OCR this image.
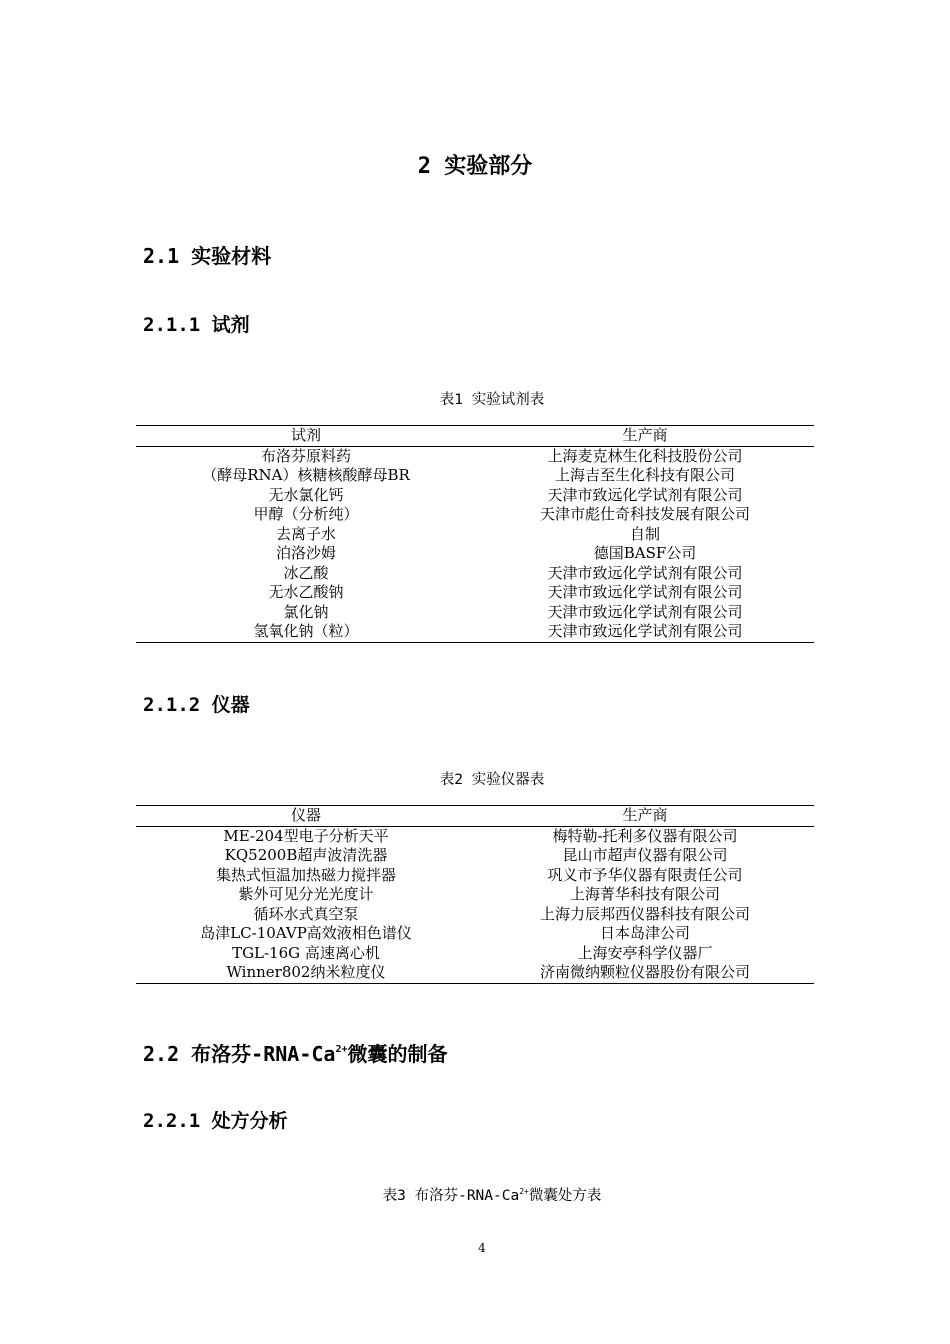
2 实验部分
2.1 实验材料
2.1.1 试剂
表1 实验试剂表
试剂	生产商
布洛芬原料药	上海麦克林生化科技股份公司
（酵母RNA）核糖核酸酵母BR	上海吉至生化科技有限公司
无水氯化钙	天津市致远化学试剂有限公司
甲醇（分析纯）	天津市彪仕奇科技发展有限公司
去离子水	自制
泊洛沙姆	德国BASF公司
冰乙酸	天津市致远化学试剂有限公司
无水乙酸钠	天津市致远化学试剂有限公司
氯化钠	天津市致远化学试剂有限公司
氢氧化钠（粒）	天津市致远化学试剂有限公司
2.1.2 仪器
表2 实验仪器表
仪器	生产商
ME-204型电子分析天平	梅特勒-托利多仪器有限公司
KQ5200B超声波清洗器	昆山市超声仪器有限公司
集热式恒温加热磁力搅拌器	巩义市予华仪器有限责任公司
紫外可见分光光度计	上海菁华科技有限公司
循环水式真空泵	上海力辰邦西仪器科技有限公司
岛津LC-10AVP高效液相色谱仪	日本岛津公司
TGL-16G 高速离心机	上海安亭科学仪器厂
Winner802纳米粒度仪	济南微纳颗粒仪器股份有限公司
2.2 布洛芬$-RNA-Ca^{2+}$微囊的制备
2.2.1 处方分析
表3 布洛芬$-RNA-Ca^{2+}$微囊处方表
4
